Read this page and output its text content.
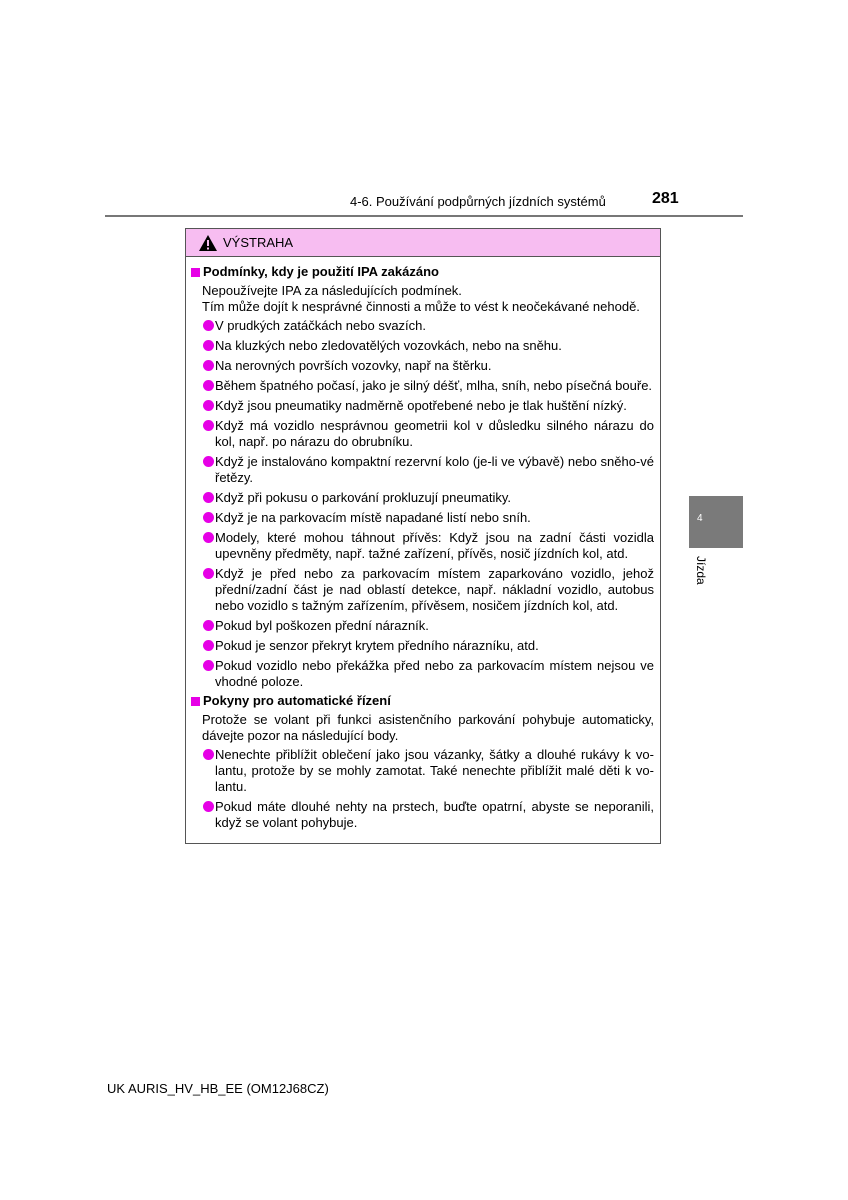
4-6. Používání podpůrných jízdních systémů	281
4
Jízda
VÝSTRAHA
Podmínky, kdy je použití IPA zakázáno
Nepoužívejte IPA za následujících podmínek.
Tím může dojít k nesprávné činnosti a může to vést k neočekávané nehodě.
V prudkých zatáčkách nebo svazích.
Na kluzkých nebo zledovatělých vozovkách, nebo na sněhu.
Na nerovných površích vozovky, např na štěrku.
Během špatného počasí, jako je silný déšť, mlha, sníh, nebo písečná bouře.
Když jsou pneumatiky nadměrně opotřebené nebo je tlak huštění nízký.
Když má vozidlo nesprávnou geometrii kol v důsledku silného nárazu do kol, např. po nárazu do obrubníku.
Když je instalováno kompaktní rezervní kolo (je-li ve výbavě) nebo sněho-vé řetězy.
Když při pokusu o parkování prokluzují pneumatiky.
Když je na parkovacím místě napadané listí nebo sníh.
Modely, které mohou táhnout přívěs: Když jsou na zadní části vozidla upevněny předměty, např. tažné zařízení, přívěs, nosič jízdních kol, atd.
Když je před nebo za parkovacím místem zaparkováno vozidlo, jehož přední/zadní část je nad oblastí detekce, např. nákladní vozidlo, autobus nebo vozidlo s tažným zařízením, přívěsem, nosičem jízdních kol, atd.
Pokud byl poškozen přední nárazník.
Pokud je senzor překryt krytem předního nárazníku, atd.
Pokud vozidlo nebo překážka před nebo za parkovacím místem nejsou ve vhodné poloze.
Pokyny pro automatické řízení
Protože se volant při funkci asistenčního parkování pohybuje automaticky, dávejte pozor na následující body.
Nenechte přiblížit oblečení jako jsou vázanky, šátky a dlouhé rukávy k vo-lantu, protože by se mohly zamotat. Také nenechte přiblížit malé děti k vo-lantu.
Pokud máte dlouhé nehty na prstech, buďte opatrní, abyste se neporanili, když se volant pohybuje.
UK AURIS_HV_HB_EE (OM12J68CZ)
